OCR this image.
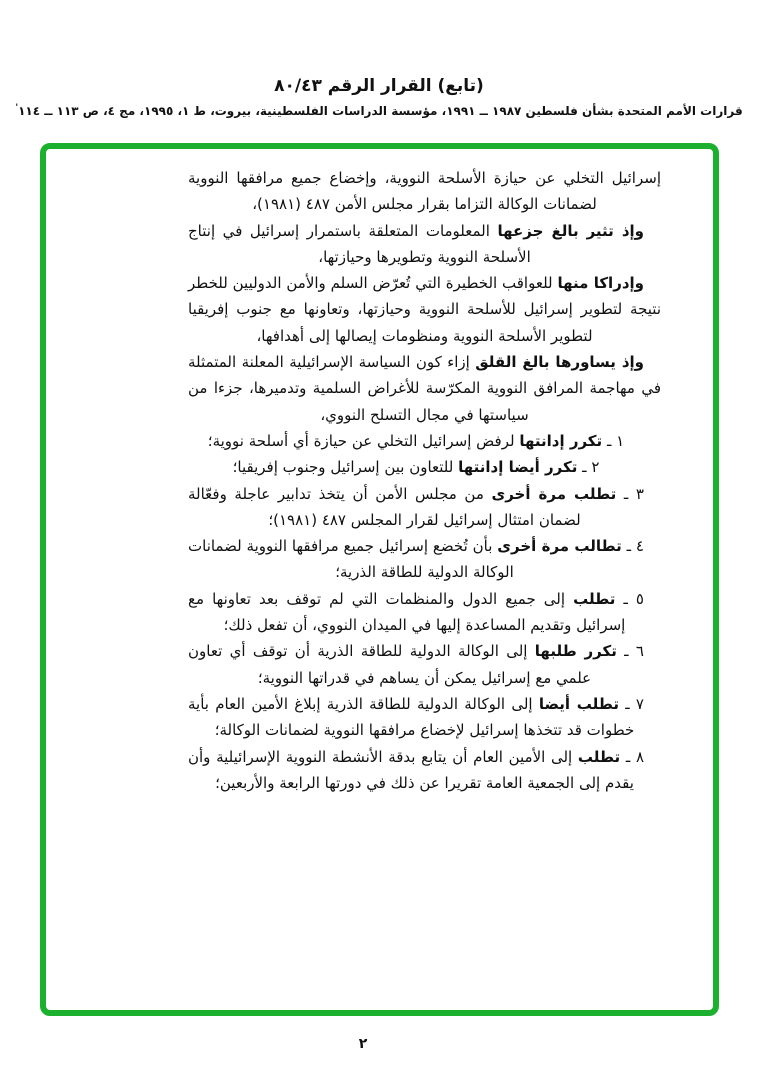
(تابع) القرار الرقم ٨٠/٤٣
قرارات الأمم المتحدة بشأن فلسطين ١٩٨٧ ــ ١٩٩١، مؤسسة الدراسات الفلسطينية، بيروت، ط ١، ١٩٩٥، مج ٤، ص ١١٣ ــ ١١٤'

إسرائيل التخلي عن حيازة الأسلحة النووية، وإخضاع جميع مرافقها النووية لضمانات الوكالة التزاما بقرار مجلس الأمن ٤٨٧ (١٩٨١)،

وإذ تثير بالغ جزعها المعلومات المتعلقة باستمرار إسرائيل في إنتاج الأسلحة النووية وتطويرها وحيازتها،

وإدراكا منها للعواقب الخطيرة التي تُعرّض السلم والأمن الدوليين للخطر نتيجة لتطوير إسرائيل للأسلحة النووية وحيازتها، وتعاونها مع جنوب إفريقيا لتطوير الأسلحة النووية ومنظومات إيصالها إلى أهدافها،

وإذ يساورها بالغ القلق إزاء كون السياسة الإسرائيلية المعلنة المتمثلة في مهاجمة المرافق النووية المكرّسة للأغراض السلمية وتدميرها، جزءا من سياستها في مجال التسلح النووي،

١ ـ تكرر إدانتها لرفض إسرائيل التخلي عن حيازة أي أسلحة نووية؛

٢ ـ تكرر أيضا إدانتها للتعاون بين إسرائيل وجنوب إفريقيا؛

٣ ـ تطلب مرة أخرى من مجلس الأمن أن يتخذ تدابير عاجلة وفعّالة لضمان امتثال إسرائيل لقرار المجلس ٤٨٧ (١٩٨١)؛

٤ ـ تطالب مرة أخرى بأن تُخضع إسرائيل جميع مرافقها النووية لضمانات الوكالة الدولية للطاقة الذرية؛

٥ ـ تطلب إلى جميع الدول والمنظمات التي لم توقف بعد تعاونها مع إسرائيل وتقديم المساعدة إليها في الميدان النووي، أن تفعل ذلك؛

٦ ـ تكرر طلبها إلى الوكالة الدولية للطاقة الذرية أن توقف أي تعاون علمي مع إسرائيل يمكن أن يساهم في قدراتها النووية؛

٧ ـ تطلب أيضا إلى الوكالة الدولية للطاقة الذرية إبلاغ الأمين العام بأية خطوات قد تتخذها إسرائيل لإخضاع مرافقها النووية لضمانات الوكالة؛

٨ ـ تطلب إلى الأمين العام أن يتابع بدقة الأنشطة النووية الإسرائيلية وأن يقدم إلى الجمعية العامة تقريرا عن ذلك في دورتها الرابعة والأربعين؛

٢
